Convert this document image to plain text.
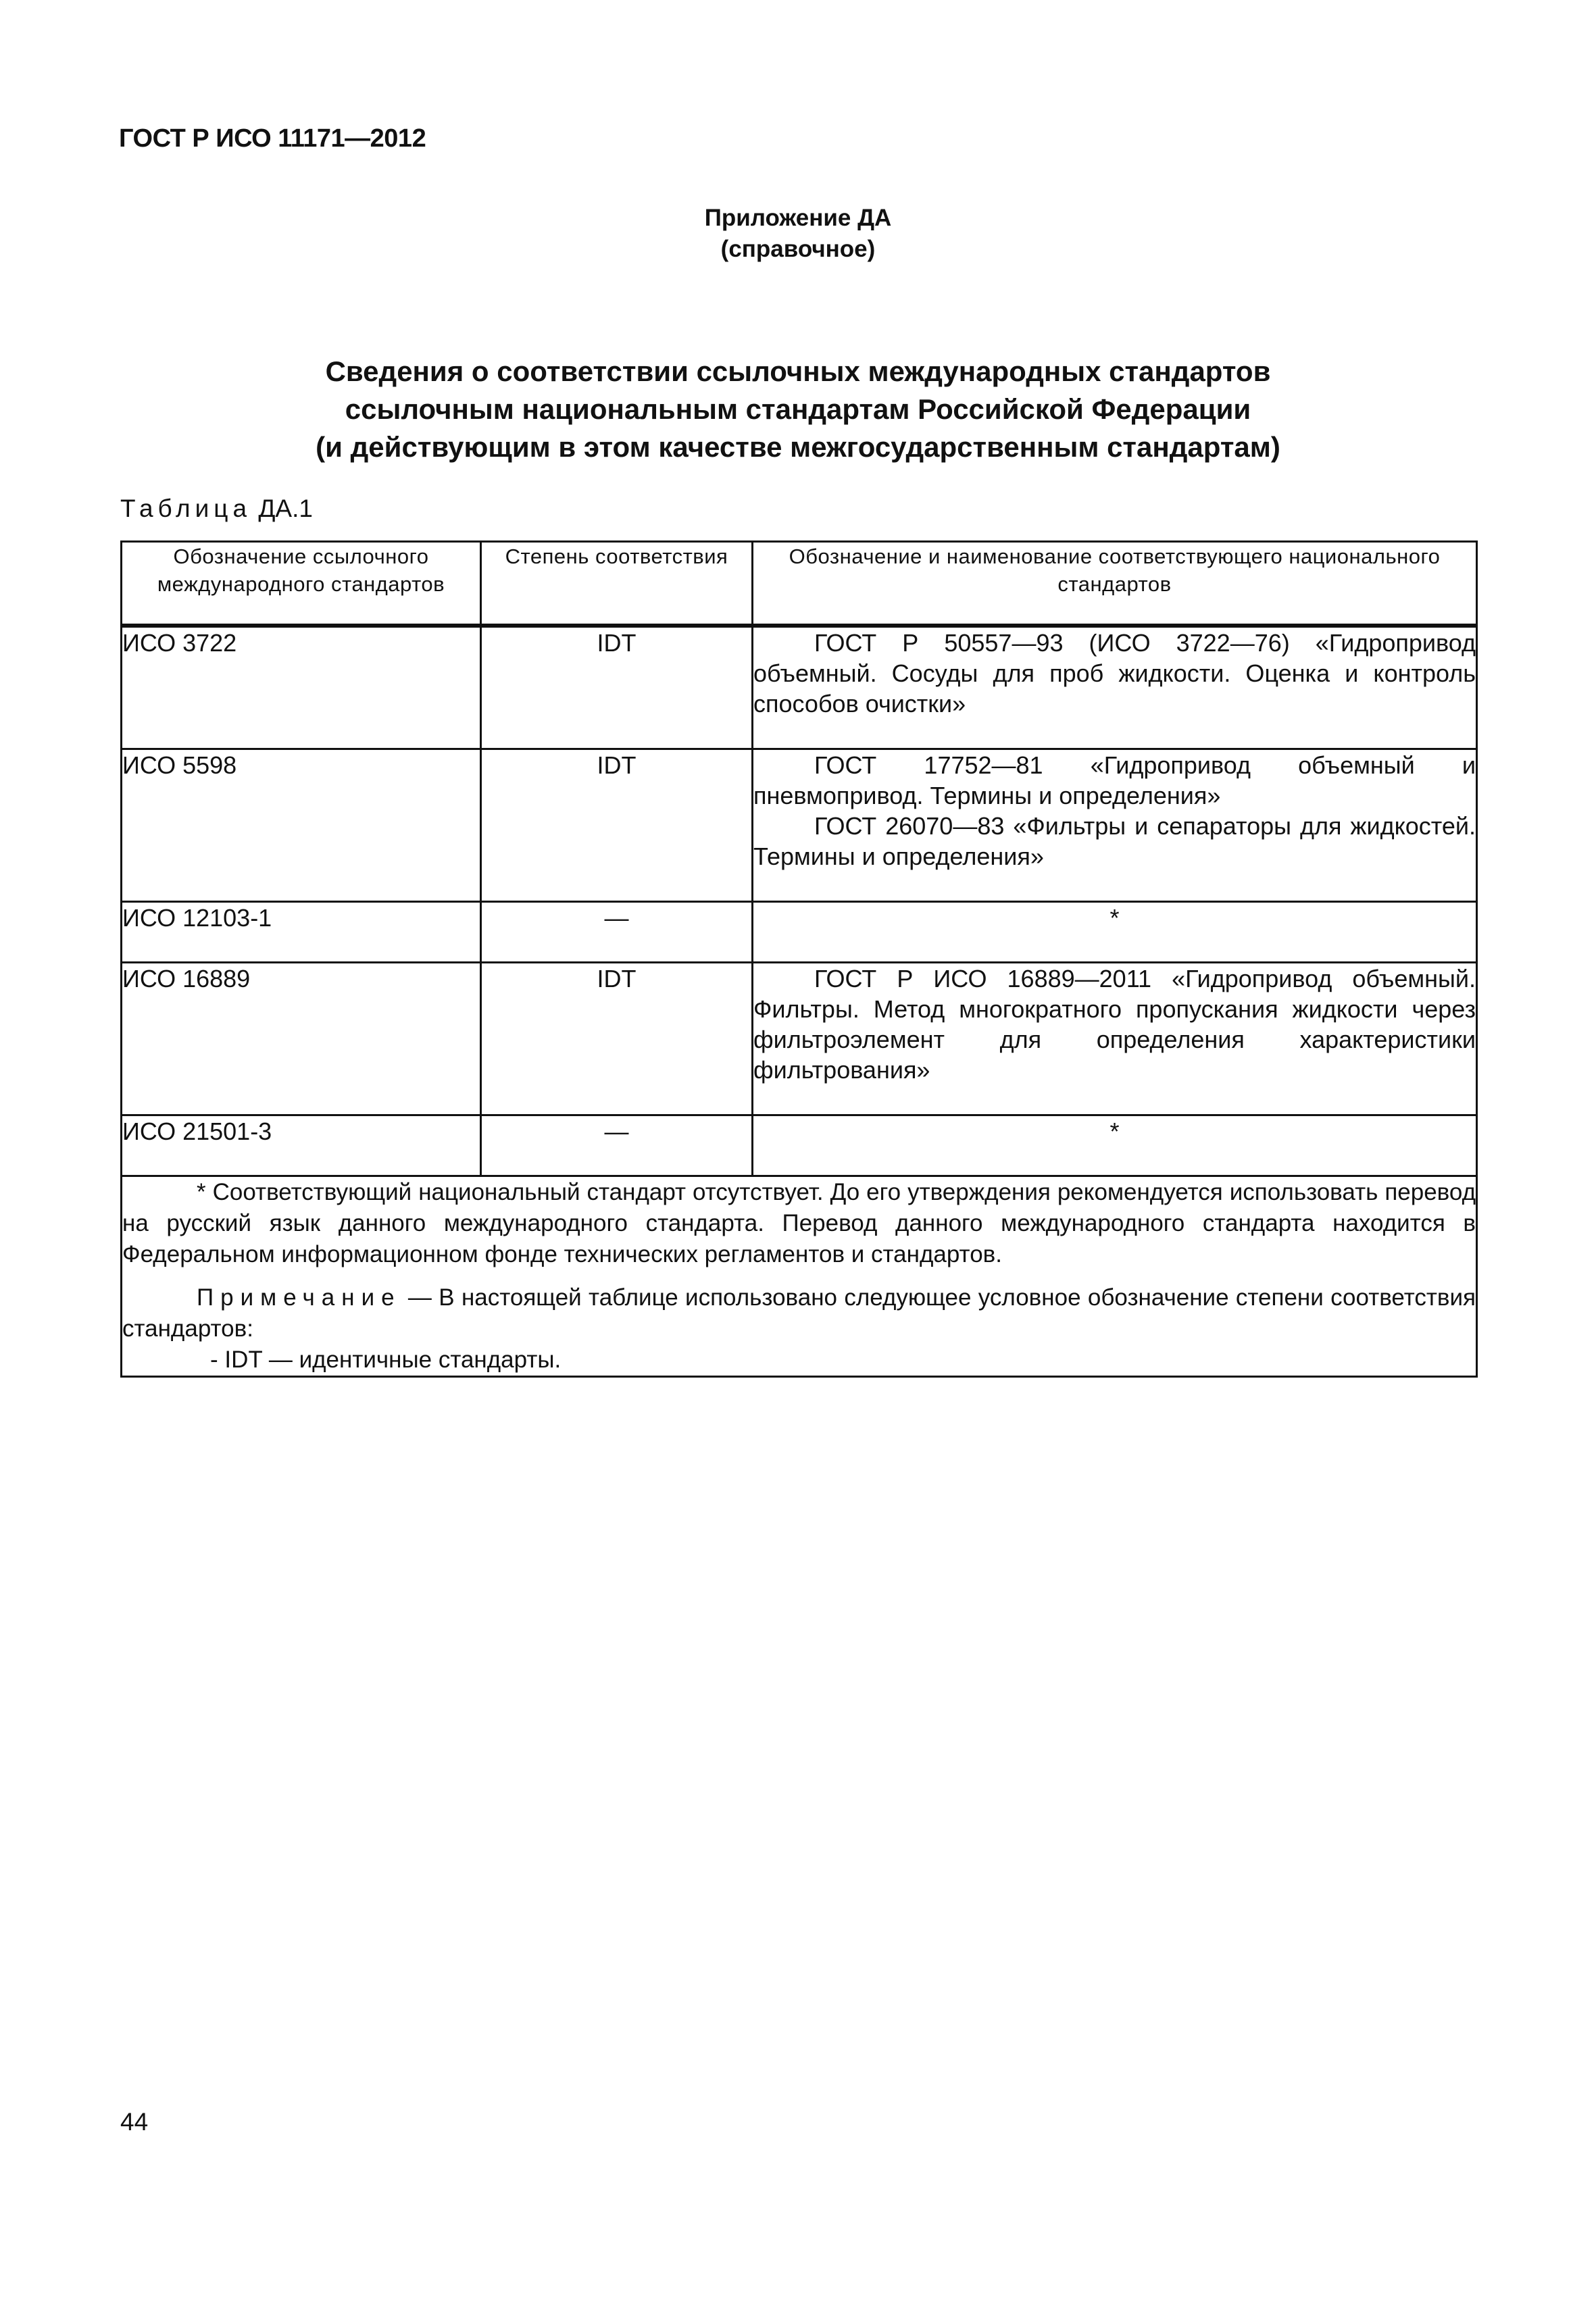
ГОСТ Р ИСО 11171—2012
Приложение ДА
(справочное)
Сведения о соответствии ссылочных международных стандартов
ссылочным национальным стандартам Российской Федерации
(и действующим в этом качестве межгосударственным стандартам)
Таблица ДА.1
Обозначение ссылочного международного стандартов	Степень соответствия	Обозначение и наименование соответствующего национального стандартов
ИСО 3722	IDT	ГОСТ Р 50557—93 (ИСО 3722—76) «Гидропривод объемный. Сосуды для проб жидкости. Оценка и контроль способов очистки»

ИСО 5598	IDT	ГОСТ 17752—81 «Гидропривод объемный и пневмопривод. Термины и определения»

ГОСТ 26070—83 «Фильтры и сепараторы для жидкостей. Термины и определения»

ИСО 12103-1	—	*
ИСО 16889	IDT	ГОСТ Р ИСО 16889—2011 «Гидропривод объемный. Фильтры. Метод многократного пропускания жидкости через фильтроэлемент для определения характеристики фильтрования»

ИСО 21501-3	—	*

* Соответствующий национальный стандарт отсутствует. До его утверждения рекомендуется использовать перевод на русский язык данного международного стандарта. Перевод данного международного стандарта находится в Федеральном информационном фонде технических регламентов и стандартов.

Примечание — В настоящей таблице использовано следующее условное обозначение степени соответствия стандартов:

- IDT — идентичные стандарты.		

44
